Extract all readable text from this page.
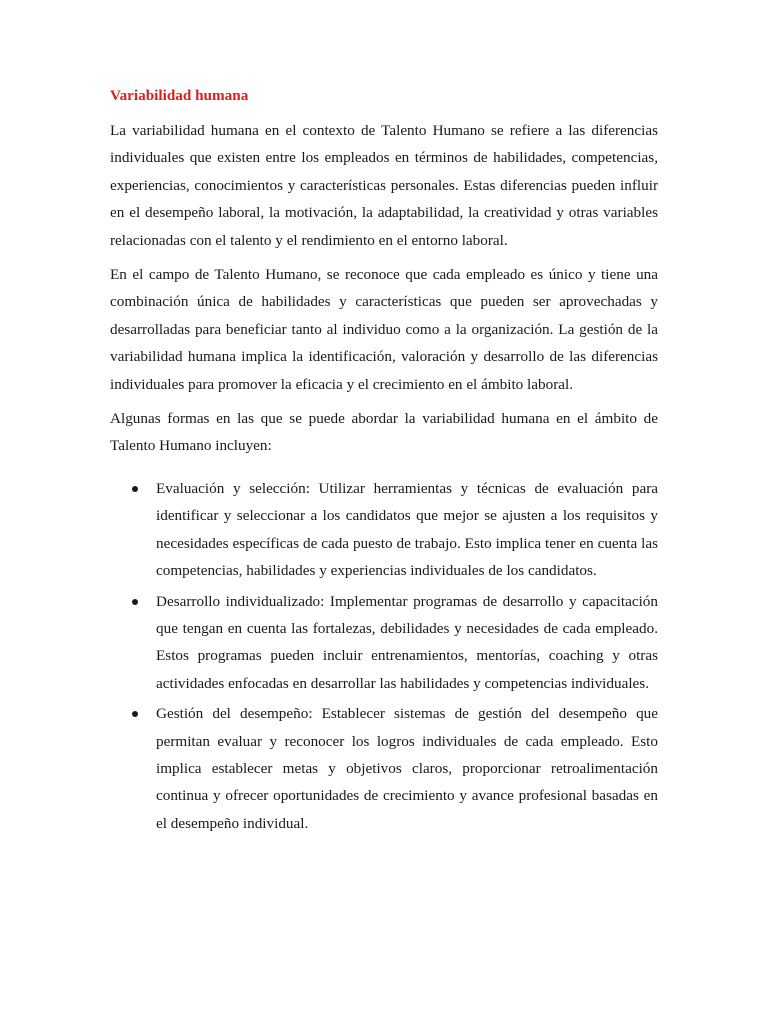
Variabilidad humana

La variabilidad humana en el contexto de Talento Humano se refiere a las diferencias individuales que existen entre los empleados en términos de habilidades, competencias, experiencias, conocimientos y características personales. Estas diferencias pueden influir en el desempeño laboral, la motivación, la adaptabilidad, la creatividad y otras variables relacionadas con el talento y el rendimiento en el entorno laboral.

En el campo de Talento Humano, se reconoce que cada empleado es único y tiene una combinación única de habilidades y características que pueden ser aprovechadas y desarrolladas para beneficiar tanto al individuo como a la organización. La gestión de la variabilidad humana implica la identificación, valoración y desarrollo de las diferencias individuales para promover la eficacia y el crecimiento en el ámbito laboral.

Algunas formas en las que se puede abordar la variabilidad humana en el ámbito de Talento Humano incluyen:

Evaluación y selección: Utilizar herramientas y técnicas de evaluación para identificar y seleccionar a los candidatos que mejor se ajusten a los requisitos y necesidades específicas de cada puesto de trabajo. Esto implica tener en cuenta las competencias, habilidades y experiencias individuales de los candidatos.
Desarrollo individualizado: Implementar programas de desarrollo y capacitación que tengan en cuenta las fortalezas, debilidades y necesidades de cada empleado. Estos programas pueden incluir entrenamientos, mentorías, coaching y otras actividades enfocadas en desarrollar las habilidades y competencias individuales.
Gestión del desempeño: Establecer sistemas de gestión del desempeño que permitan evaluar y reconocer los logros individuales de cada empleado. Esto implica establecer metas y objetivos claros, proporcionar retroalimentación continua y ofrecer oportunidades de crecimiento y avance profesional basadas en el desempeño individual.
